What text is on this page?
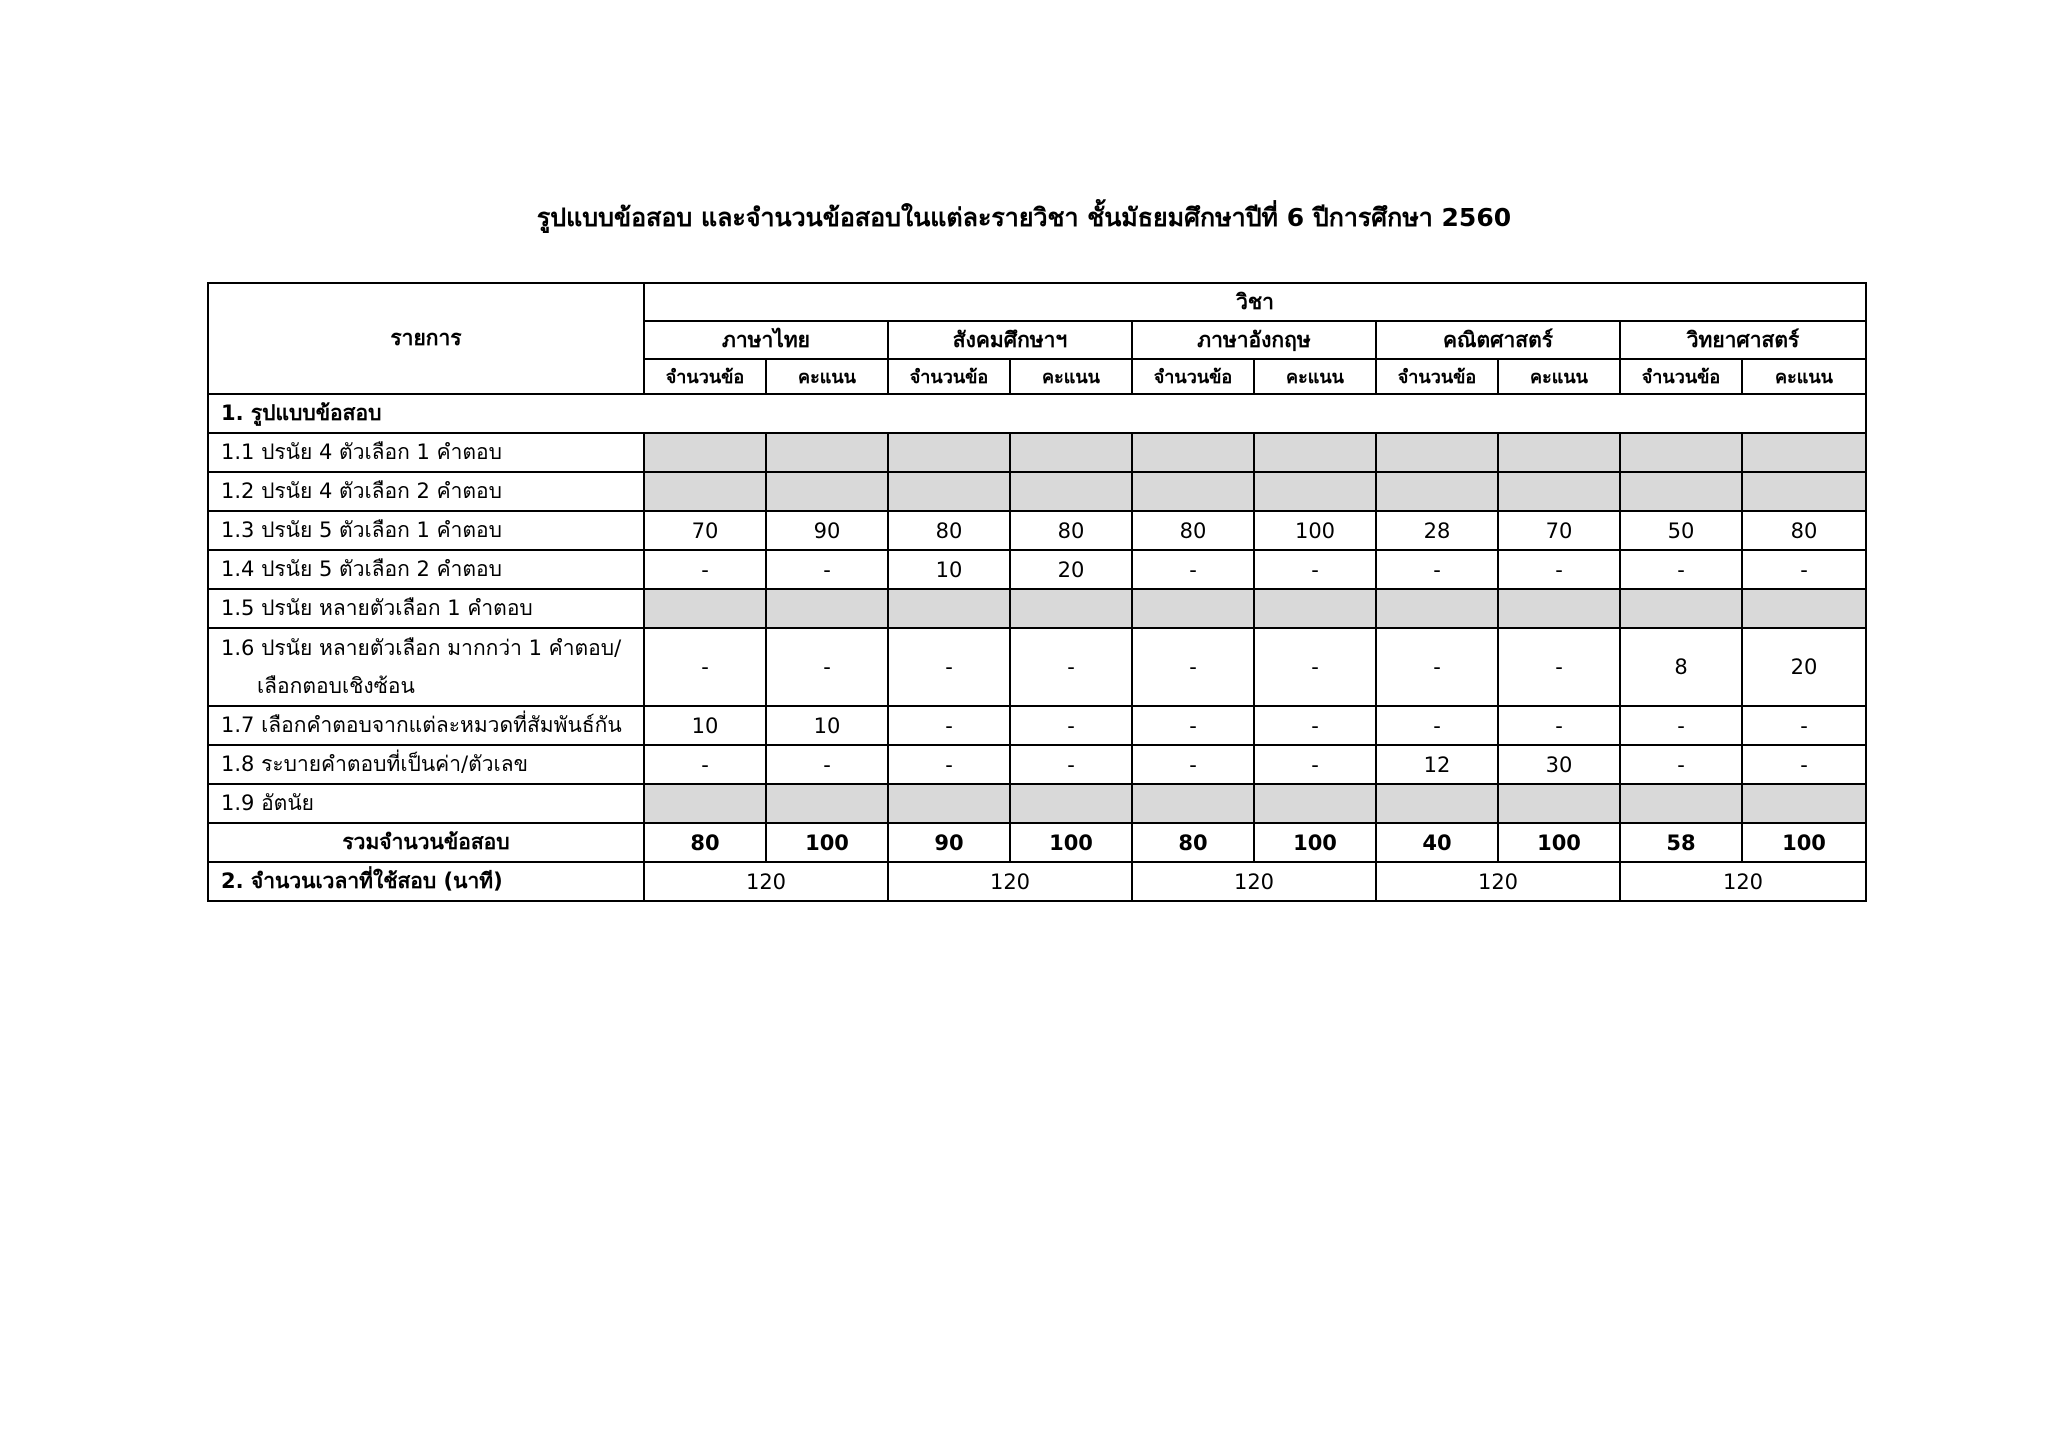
รูปแบบข้อสอบ และจำนวนข้อสอบในแต่ละรายวิชา ชั้นมัธยมศึกษาปีที่ 6 ปีการศึกษา 2560
รายการ	วิชา									
	ภาษาไทย		สังคมศึกษาฯ		ภาษาอังกฤษ		คณิตศาสตร์		วิทยาศาสตร์	
	จำนวนข้อ	คะแนน	จำนวนข้อ	คะแนน	จำนวนข้อ	คะแนน	จำนวนข้อ	คะแนน	จำนวนข้อ	คะแนน
1. รูปแบบข้อสอบ										
1.1 ปรนัย 4 ตัวเลือก 1 คำตอบ										
1.2 ปรนัย 4 ตัวเลือก 2 คำตอบ										
1.3 ปรนัย 5 ตัวเลือก 1 คำตอบ	70	90	80	80	80	100	28	70	50	80
1.4 ปรนัย 5 ตัวเลือก 2 คำตอบ	-	-	10	20	-	-	-	-	-	-
1.5 ปรนัย หลายตัวเลือก 1 คำตอบ										
1.6 ปรนัย หลายตัวเลือก มากกว่า 1 คำตอบ/
เลือกตอบเชิงซ้อน	-	-	-	-	-	-	-	-	8	20
1.7 เลือกคำตอบจากแต่ละหมวดที่สัมพันธ์กัน	10	10	-	-	-	-	-	-	-	-
1.8 ระบายคำตอบที่เป็นค่า/ตัวเลข	-	-	-	-	-	-	12	30	-	-
1.9 อัตนัย										
รวมจำนวนข้อสอบ	80	100	90	100	80	100	40	100	58	100
2. จำนวนเวลาที่ใช้สอบ (นาที)	120		120		120		120		120	
